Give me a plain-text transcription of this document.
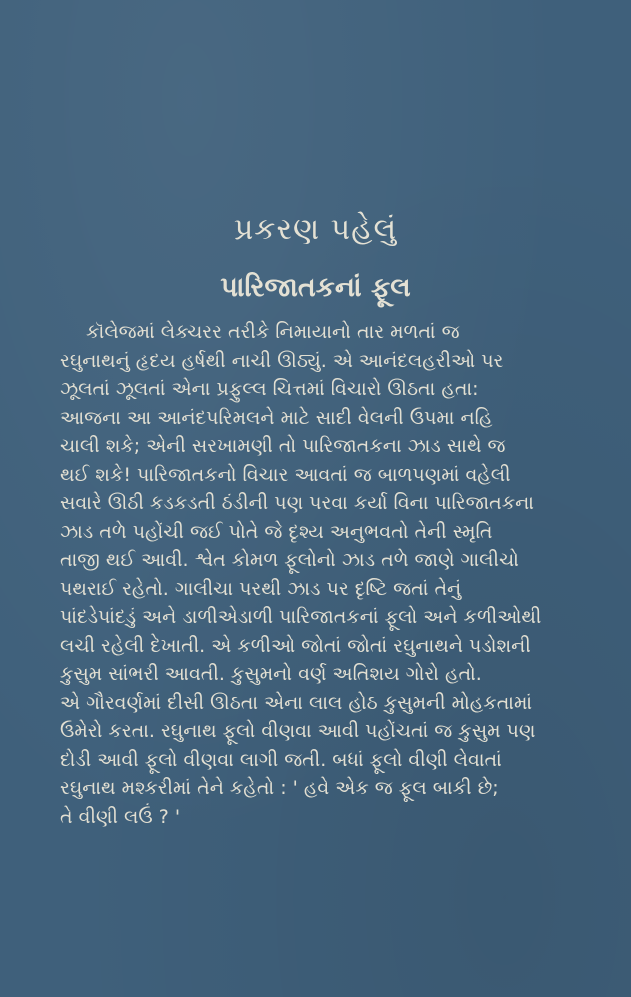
પ્રકરણ પહેલું
પારિજાતકનાં ફૂલ
કૉલેજમાં લેક્ચરર તરીકે નિમાયાનો તાર મળતાં જ
રઘુનાથનું હૃદય હર્ષથી નાચી ઊઠ્યું. એ આનંદલહરીઓ પર
ઝૂલતાં ઝૂલતાં એના પ્રફુલ્લ ચિત્તમાં વિચારો ઊઠતા હતા:
આજના આ આનંદપરિમલને માટે સાદી વેલની ઉપમા નહિ
ચાલી શકે; એની સરખામણી તો પારિજાતકના ઝાડ સાથે જ
થઈ શકે! પારિજાતકનો વિચાર આવતાં જ બાળપણમાં વહેલી
સવારે ઊઠી કડકડતી ઠંડીની પણ પરવા કર્યા વિના પારિજાતકના
ઝાડ તળે પહોંચી જઈ પોતે જે દૃશ્ય અનુભવતો તેની સ્મૃતિ
તાજી થઈ આવી. શ્વેત કોમળ ફૂલોનો ઝાડ તળે જાણે ગાલીચો
પથરાઈ રહેતો. ગાલીચા પરથી ઝાડ પર દૃષ્ટિ જતાં તેનું
પાંદડેપાંદડું અને ડાળીએડાળી પારિજાતકનાં ફૂલો અને કળીઓથી
લચી રહેલી દેખાતી. એ કળીઓ જોતાં જોતાં રઘુનાથને પડોશની
કુસુમ સાંભરી આવતી. કુસુમનો વર્ણ અતિશય ગોરો હતો.
એ ગૌરવર્ણમાં દીસી ઊઠતા એના લાલ હોઠ કુસુમની મોહકતામાં
ઉમેરો કરતા. રઘુનાથ ફૂલો વીણવા આવી પહોંચતાં જ કુસુમ પણ
દોડી આવી ફૂલો વીણવા લાગી જતી. બધાં ફૂલો વીણી લેવાતાં
રઘુનાથ મશ્કરીમાં તેને કહેતો : ' હવે એક જ ફૂલ બાકી છે;
તે વીણી લઉં ? '
